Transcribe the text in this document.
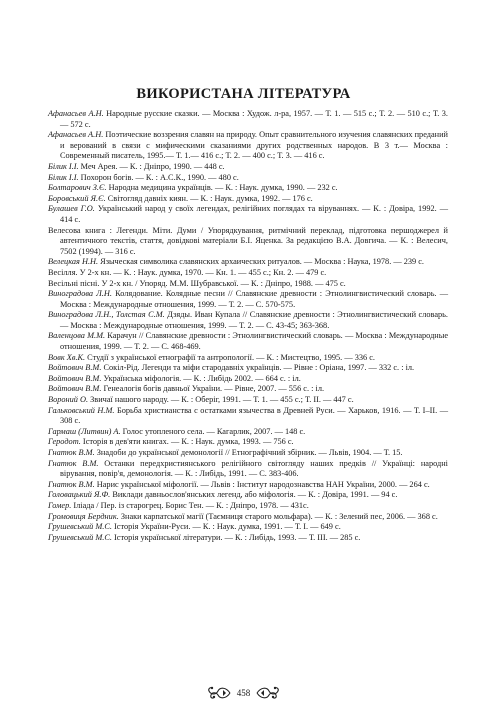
ВИКОРИСТАНА ЛІТЕРАТУРА
Афанасьев А.Н. Народные русские сказки. — Москва : Худож. л-ра, 1957. — Т. 1. — 515 с.; Т. 2. — 510 с.; Т. 3. — 572 с.
Афанасьев А.Н. Поэтические воззрения славян на природу. Опыт сравнительного изучения славянских преданий и верований в связи с мифическими сказаниями других родственных народов. В 3 т.— Москва : Современный писатель, 1995.— Т. 1.— 416 с.; Т. 2. — 400 с.; Т. 3. — 416 с.
Білик І.І. Меч Арея. — К. : Дніпро, 1990. — 448 с.
Білик І.І. Похорон богів. — К. : А.С.К., 1990. — 480 с.
Болтарович З.Є. Народна медицина українців. — К. : Наук. думка, 1990. — 232 с.
Боровський Я.Є. Світогляд давніх киян. — К. : Наук. думка, 1992. — 176 с.
Булашев Г.О. Український народ у своїх легендах, релігійних поглядах та віруваннях. — К. : Довіра, 1992. — 414 с.
Велесова книга : Легенди. Міти. Думи / Упорядкування, ритмічний переклад, підготовка першоджерел й автентичного текстів, стаття, довідкові матеріали Б.І. Яценка. За редакцією В.А. Довгича. — К. : Велесич, 7502 (1994). — 316 с.
Велецкая Н.Н. Языческая символика славянских архаических ритуалов. — Москва : Наука, 1978. — 239 с.
Весілля. У 2-х кн. — К. : Наук. думка, 1970. — Кн. 1. — 455 с.; Кн. 2. — 479 с.
Весільні пісні. У 2-х кн. / Упоряд. М.М. Шубравської. — К. : Дніпро, 1988. — 475 с.
Виноградова Л.Н. Колядование. Колядные песни // Славянские древности : Этнолингвистический словарь. — Москва : Международные отношения, 1999. — Т. 2. — С. 570-575.
Виноградова Л.Н., Толстая С.М. Дзяды. Иван Купала // Славянские древности : Этнолингвистический словарь. — Москва : Международные отношения, 1999. — Т. 2. — С. 43-45; 363-368.
Валенцова М.М. Карачун // Славянские древности : Этнолингвистический словарь. — Москва : Международные отношения, 1999. — Т. 2. — С. 468-469.
Вовк Хв.К. Студії з української етнографії та антропології. — К. : Мистецтво, 1995. — 336 с.
Войтович В.М. Сокіл-Рід. Легенди та міфи стародавніх українців. — Рівне : Оріана, 1997. — 332 с. : іл.
Войтович В.М. Українська міфологія. — К. : Либідь 2002. — 664 с. : іл.
Войтович В.М. Генеалогія богів давньої України. — Рівне, 2007. — 556 с. : іл.
Вороний О. Звичаї нашого народу. — К. : Оберіг, 1991. — Т. 1. — 455 с.; Т. II. — 447 с.
Гальковський Н.М. Борьба христианства с остатками язычества в Древней Руси. — Харьков, 1916. — Т. I–II. — 308 с.
Гармаш (Литвин) А. Голос утопленого села. — Кагарлик, 2007. — 148 с.
Геродот. Історія в дев'яти книгах. — К. : Наук. думка, 1993. — 756 с.
Гнатюк В.М. Знадоби до української демонології // Етнографічний збірник. — Львів, 1904. — Т. 15.
Гнатюк В.М. Останки передхристиянського релігійного світогляду наших предків // Українці: народні вірування, повір'я, демонологія. — К. : Либідь, 1991. — С. 383-406.
Гнатюк В.М. Нарис української міфології. — Львів : Інститут народознавства НАН України, 2000. — 264 с.
Головацький Я.Ф. Виклади давньослов'янських легенд, або міфологія. — К. : Довіра, 1991. — 94 с.
Гомер. Іліада / Пер. із старогрец. Борис Тен. — К. : Дніпро, 1978. — 431с.
Громовиця Бердник. Знаки карпатської магії (Таємниця старого мольфара). — К. : Зелений пес, 2006. — 368 с.
Грушевський М.С. Історія України-Руси. — К. : Наук. думка, 1991. — Т. І. — 649 с.
Грушевський М.С. Історія української літератури. — К. : Либідь, 1993. — Т. III. — 285 с.
458
